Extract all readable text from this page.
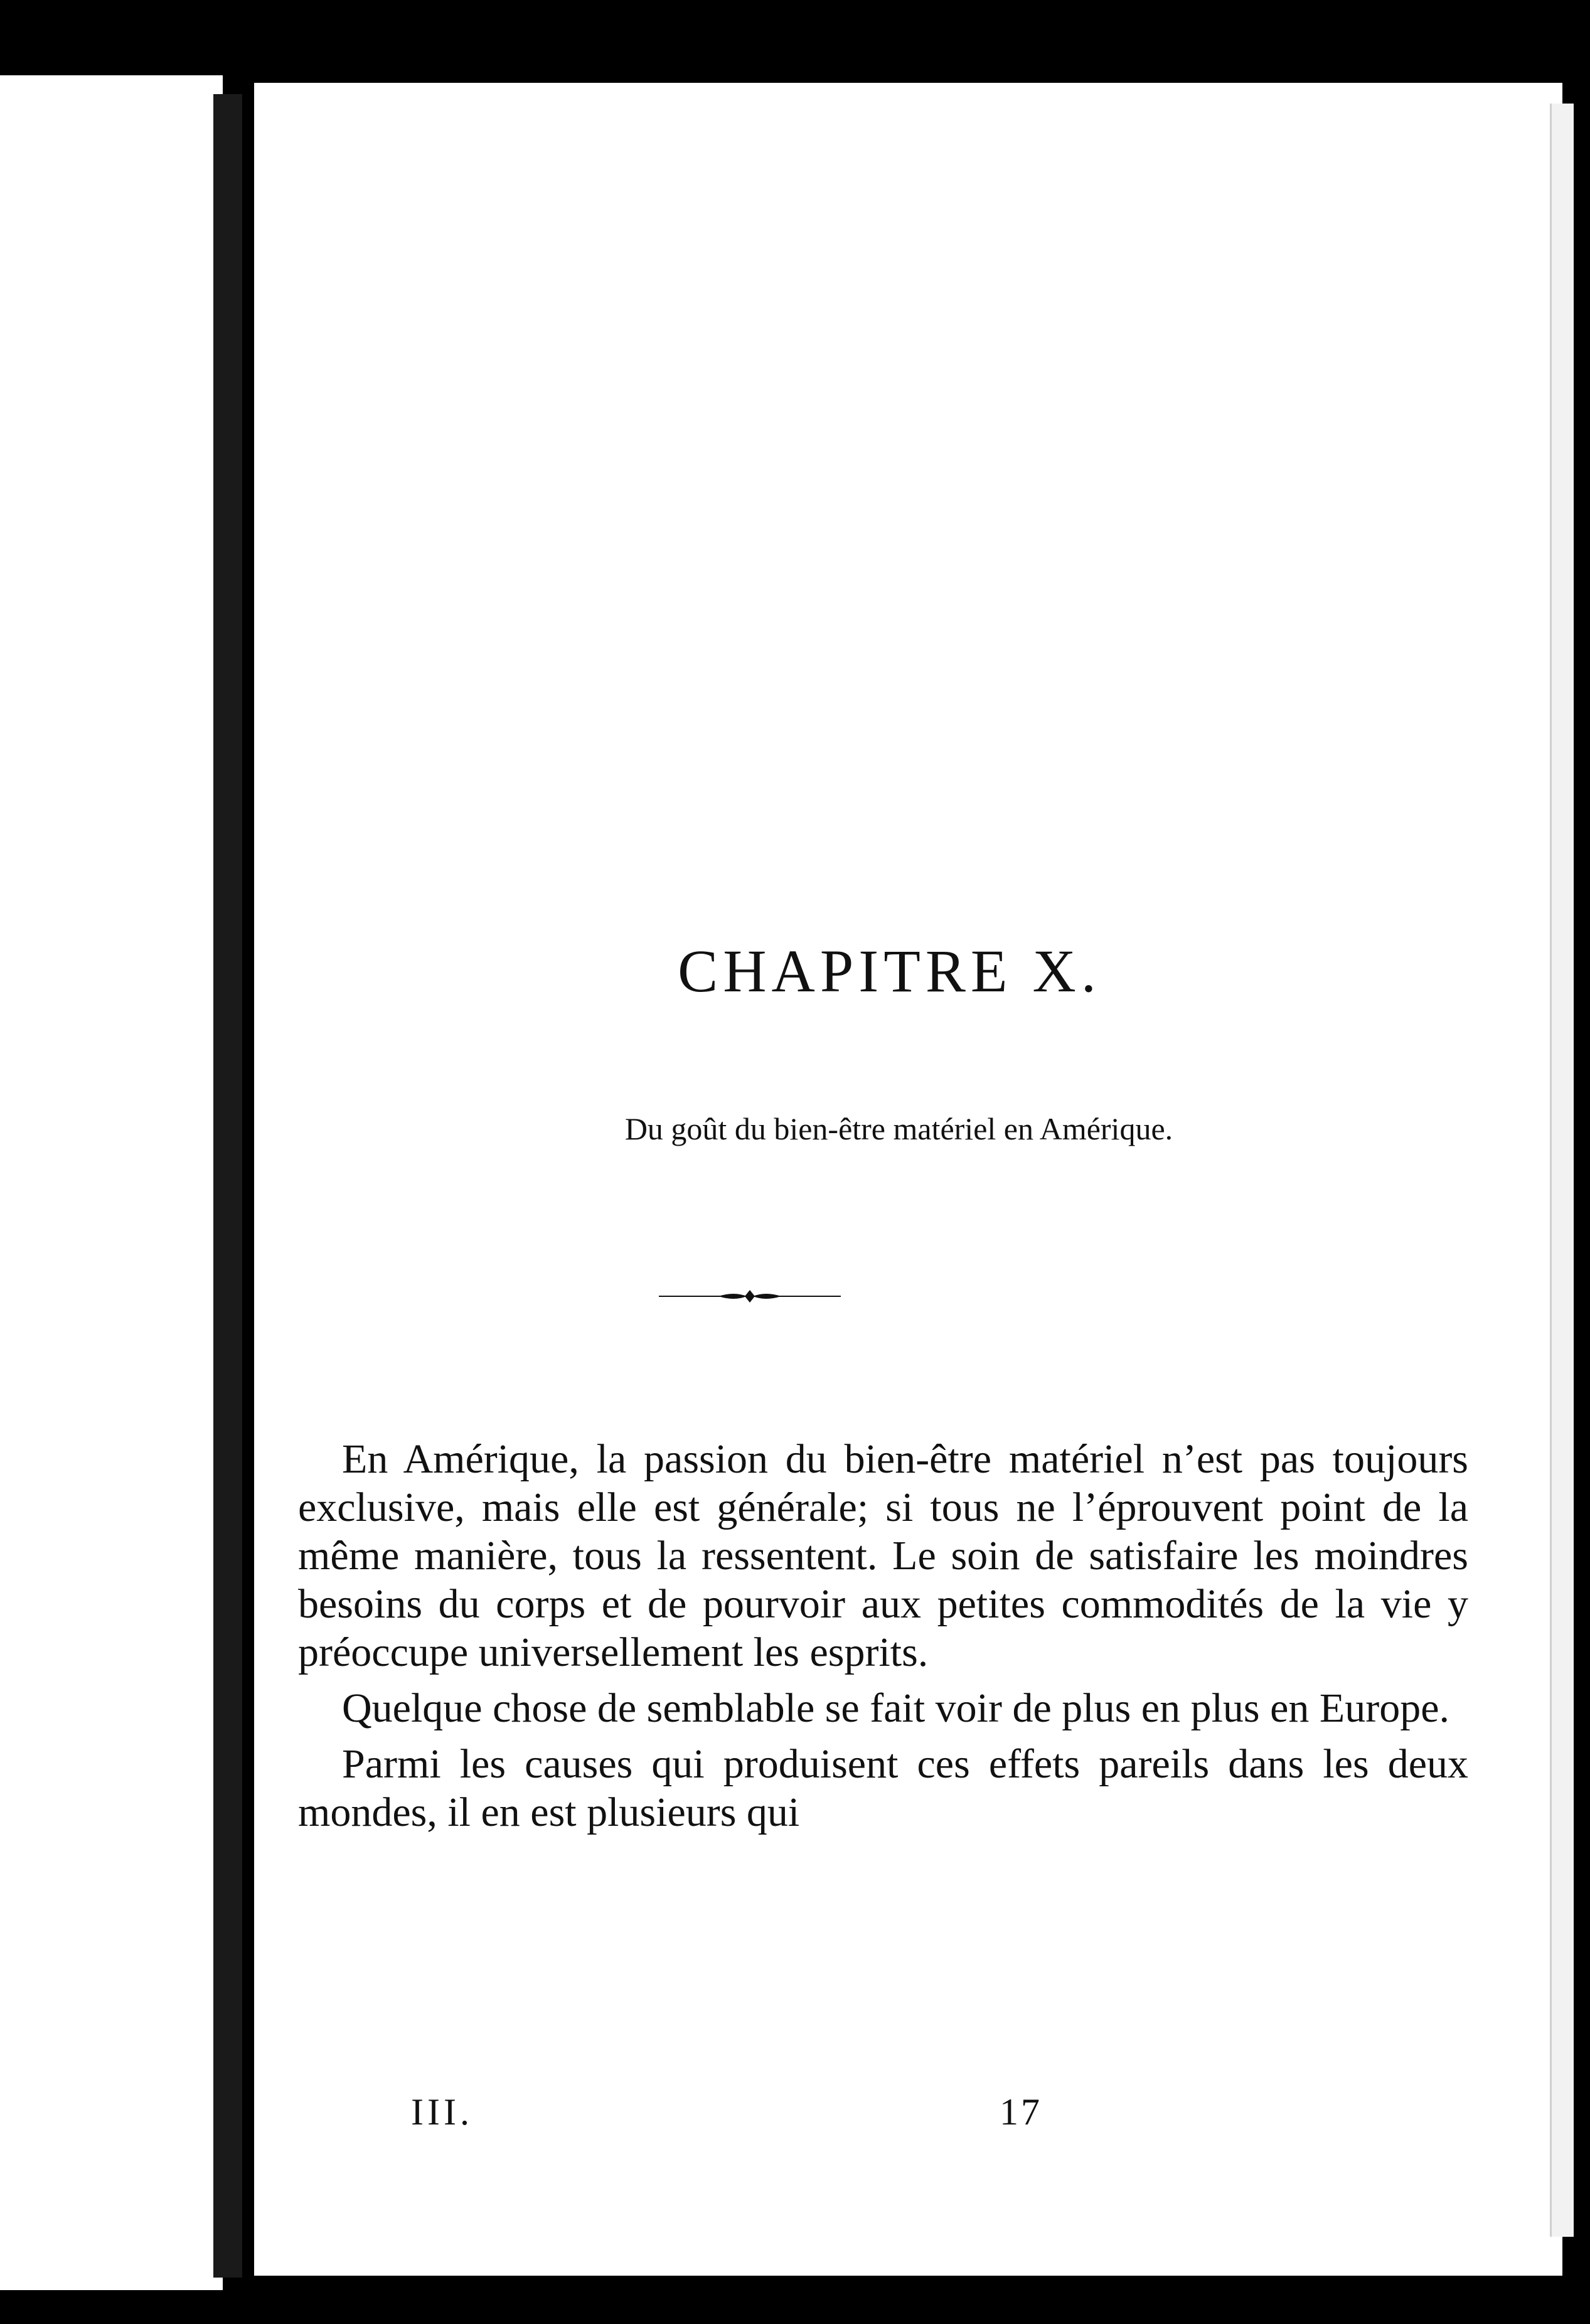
CHAPITRE X.
Du goût du bien-être matériel en Amérique.

En Amérique, la passion du bien-être matériel n’est pas toujours exclusive, mais elle est générale; si tous ne l’éprouvent point de la même manière, tous la ressentent. Le soin de satisfaire les moindres besoins du corps et de pourvoir aux petites commodités de la vie y préoccupe universellement les esprits.

Quelque chose de semblable se fait voir de plus en plus en Europe.

Parmi les causes qui produisent ces effets pareils dans les deux mondes, il en est plusieurs qui

III.	17
